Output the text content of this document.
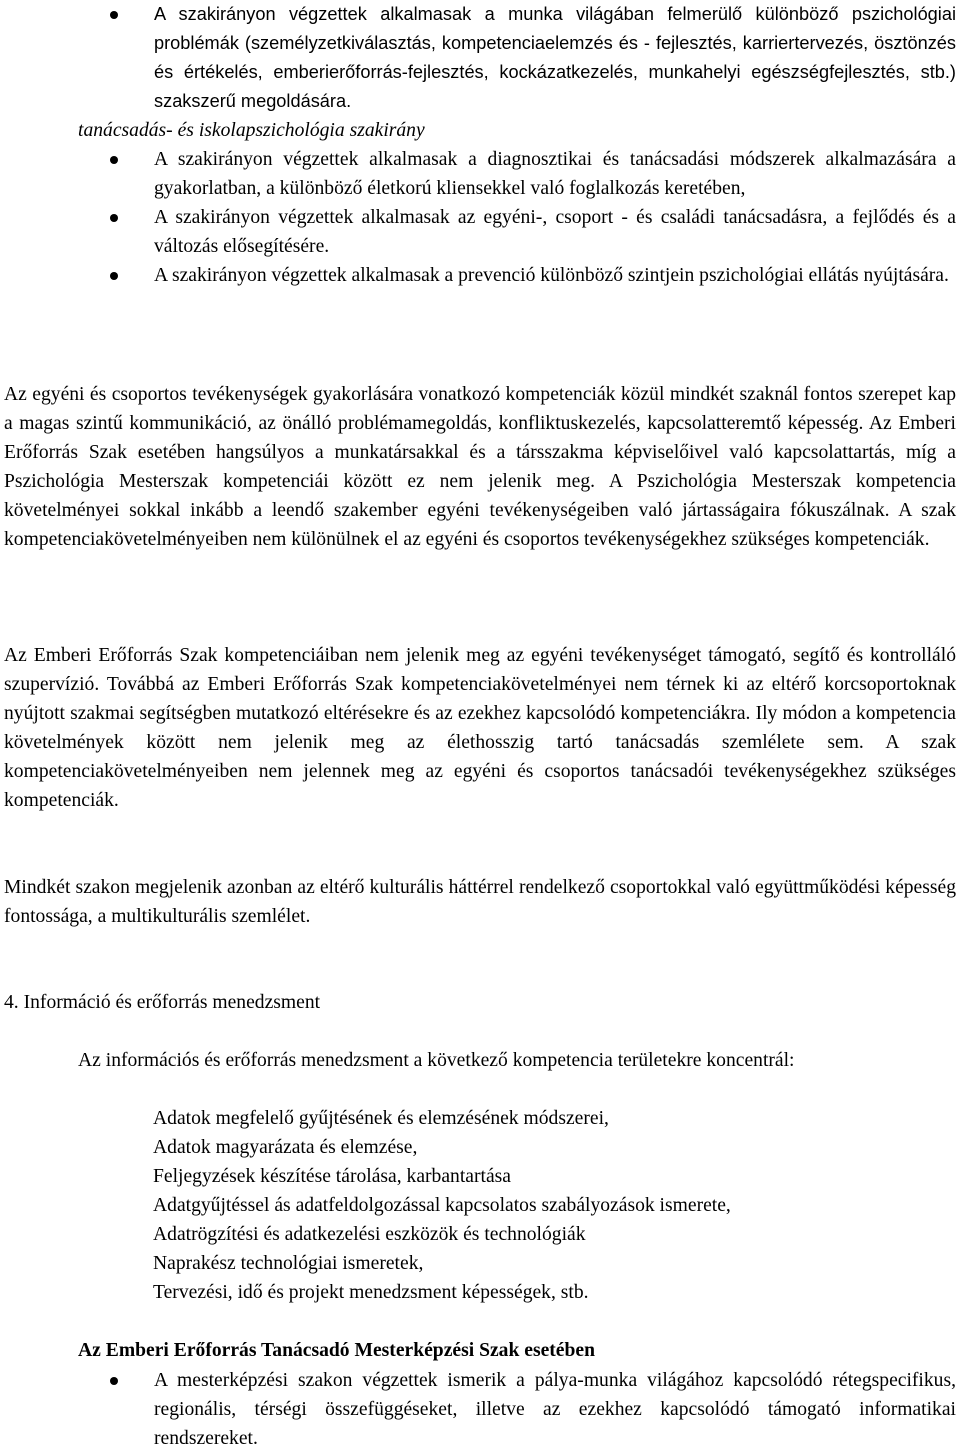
A szakirányon végzettek alkalmasak a munka világában felmerülő különböző pszichológiai problémák (személyzetkiválasztás, kompetenciaelemzés és - fejlesztés, karriertervezés, ösztönzés és értékelés, emberierőforrás-fejlesztés, kockázatkezelés, munkahelyi egészségfejlesztés, stb.) szakszerű megoldására.

tanácsadás- és iskolapszichológia szakirány

A szakirányon végzettek alkalmasak a diagnosztikai és tanácsadási módszerek alkalmazására a gyakorlatban, a különböző életkorú kliensekkel való foglalkozás keretében,
A szakirányon végzettek alkalmasak az egyéni-, csoport - és családi tanácsadásra, a fejlődés és a változás elősegítésére.
A szakirányon végzettek alkalmasak a prevenció különböző szintjein pszichológiai ellátás nyújtására.

Az egyéni és csoportos tevékenységek gyakorlására vonatkozó kompetenciák közül mindkét szaknál fontos szerepet kap a magas szintű kommunikáció, az önálló problémamegoldás, konfliktuskezelés, kapcsolatteremtő képesség. Az Emberi Erőforrás Szak esetében hangsúlyos a munkatársakkal és a társszakma képviselőivel való kapcsolattartás, míg a Pszichológia Mesterszak kompetenciái között ez nem jelenik meg. A Pszichológia Mesterszak kompetencia követelményei sokkal inkább a leendő szakember egyéni tevékenységeiben való jártasságaira fókuszálnak. A szak kompetenciakövetelményeiben nem különülnek el az egyéni és csoportos tevékenységekhez szükséges kompetenciák.

Az Emberi Erőforrás Szak kompetenciáiban nem jelenik meg az egyéni tevékenységet támogató, segítő és kontrolláló szupervízió. Továbbá az Emberi Erőforrás Szak kompetenciakövetelményei nem térnek ki az eltérő korcsoportoknak nyújtott szakmai segítségben mutatkozó eltérésekre és az ezekhez kapcsolódó kompetenciákra. Ily módon a kompetencia követelmények között nem jelenik meg az élethosszig tartó tanácsadás szemlélete sem. A szak kompetenciakövetelményeiben nem jelennek meg az egyéni és csoportos tanácsadói tevékenységekhez szükséges kompetenciák.

Mindkét szakon megjelenik azonban az eltérő kulturális háttérrel rendelkező csoportokkal való együttműködési képesség fontossága, a multikulturális szemlélet.

4. Információ és erőforrás menedzsment

Az információs és erőforrás menedzsment a következő kompetencia területekre koncentrál:

Adatok megfelelő gyűjtésének és elemzésének módszerei,
Adatok magyarázata és elemzése,
Feljegyzések készítése tárolása, karbantartása
Adatgyűjtéssel ás adatfeldolgozással kapcsolatos szabályozások ismerete,
Adatrögzítési és adatkezelési eszközök és technológiák
Naprakész technológiai ismeretek,
Tervezési, idő és projekt menedzsment képességek, stb.

Az Emberi Erőforrás Tanácsadó Mesterképzési Szak esetében

A mesterképzési szakon végzettek ismerik a pálya-munka világához kapcsolódó rétegspecifikus, regionális, térségi összefüggéseket, illetve az ezekhez kapcsolódó támogató informatikai rendszereket.
